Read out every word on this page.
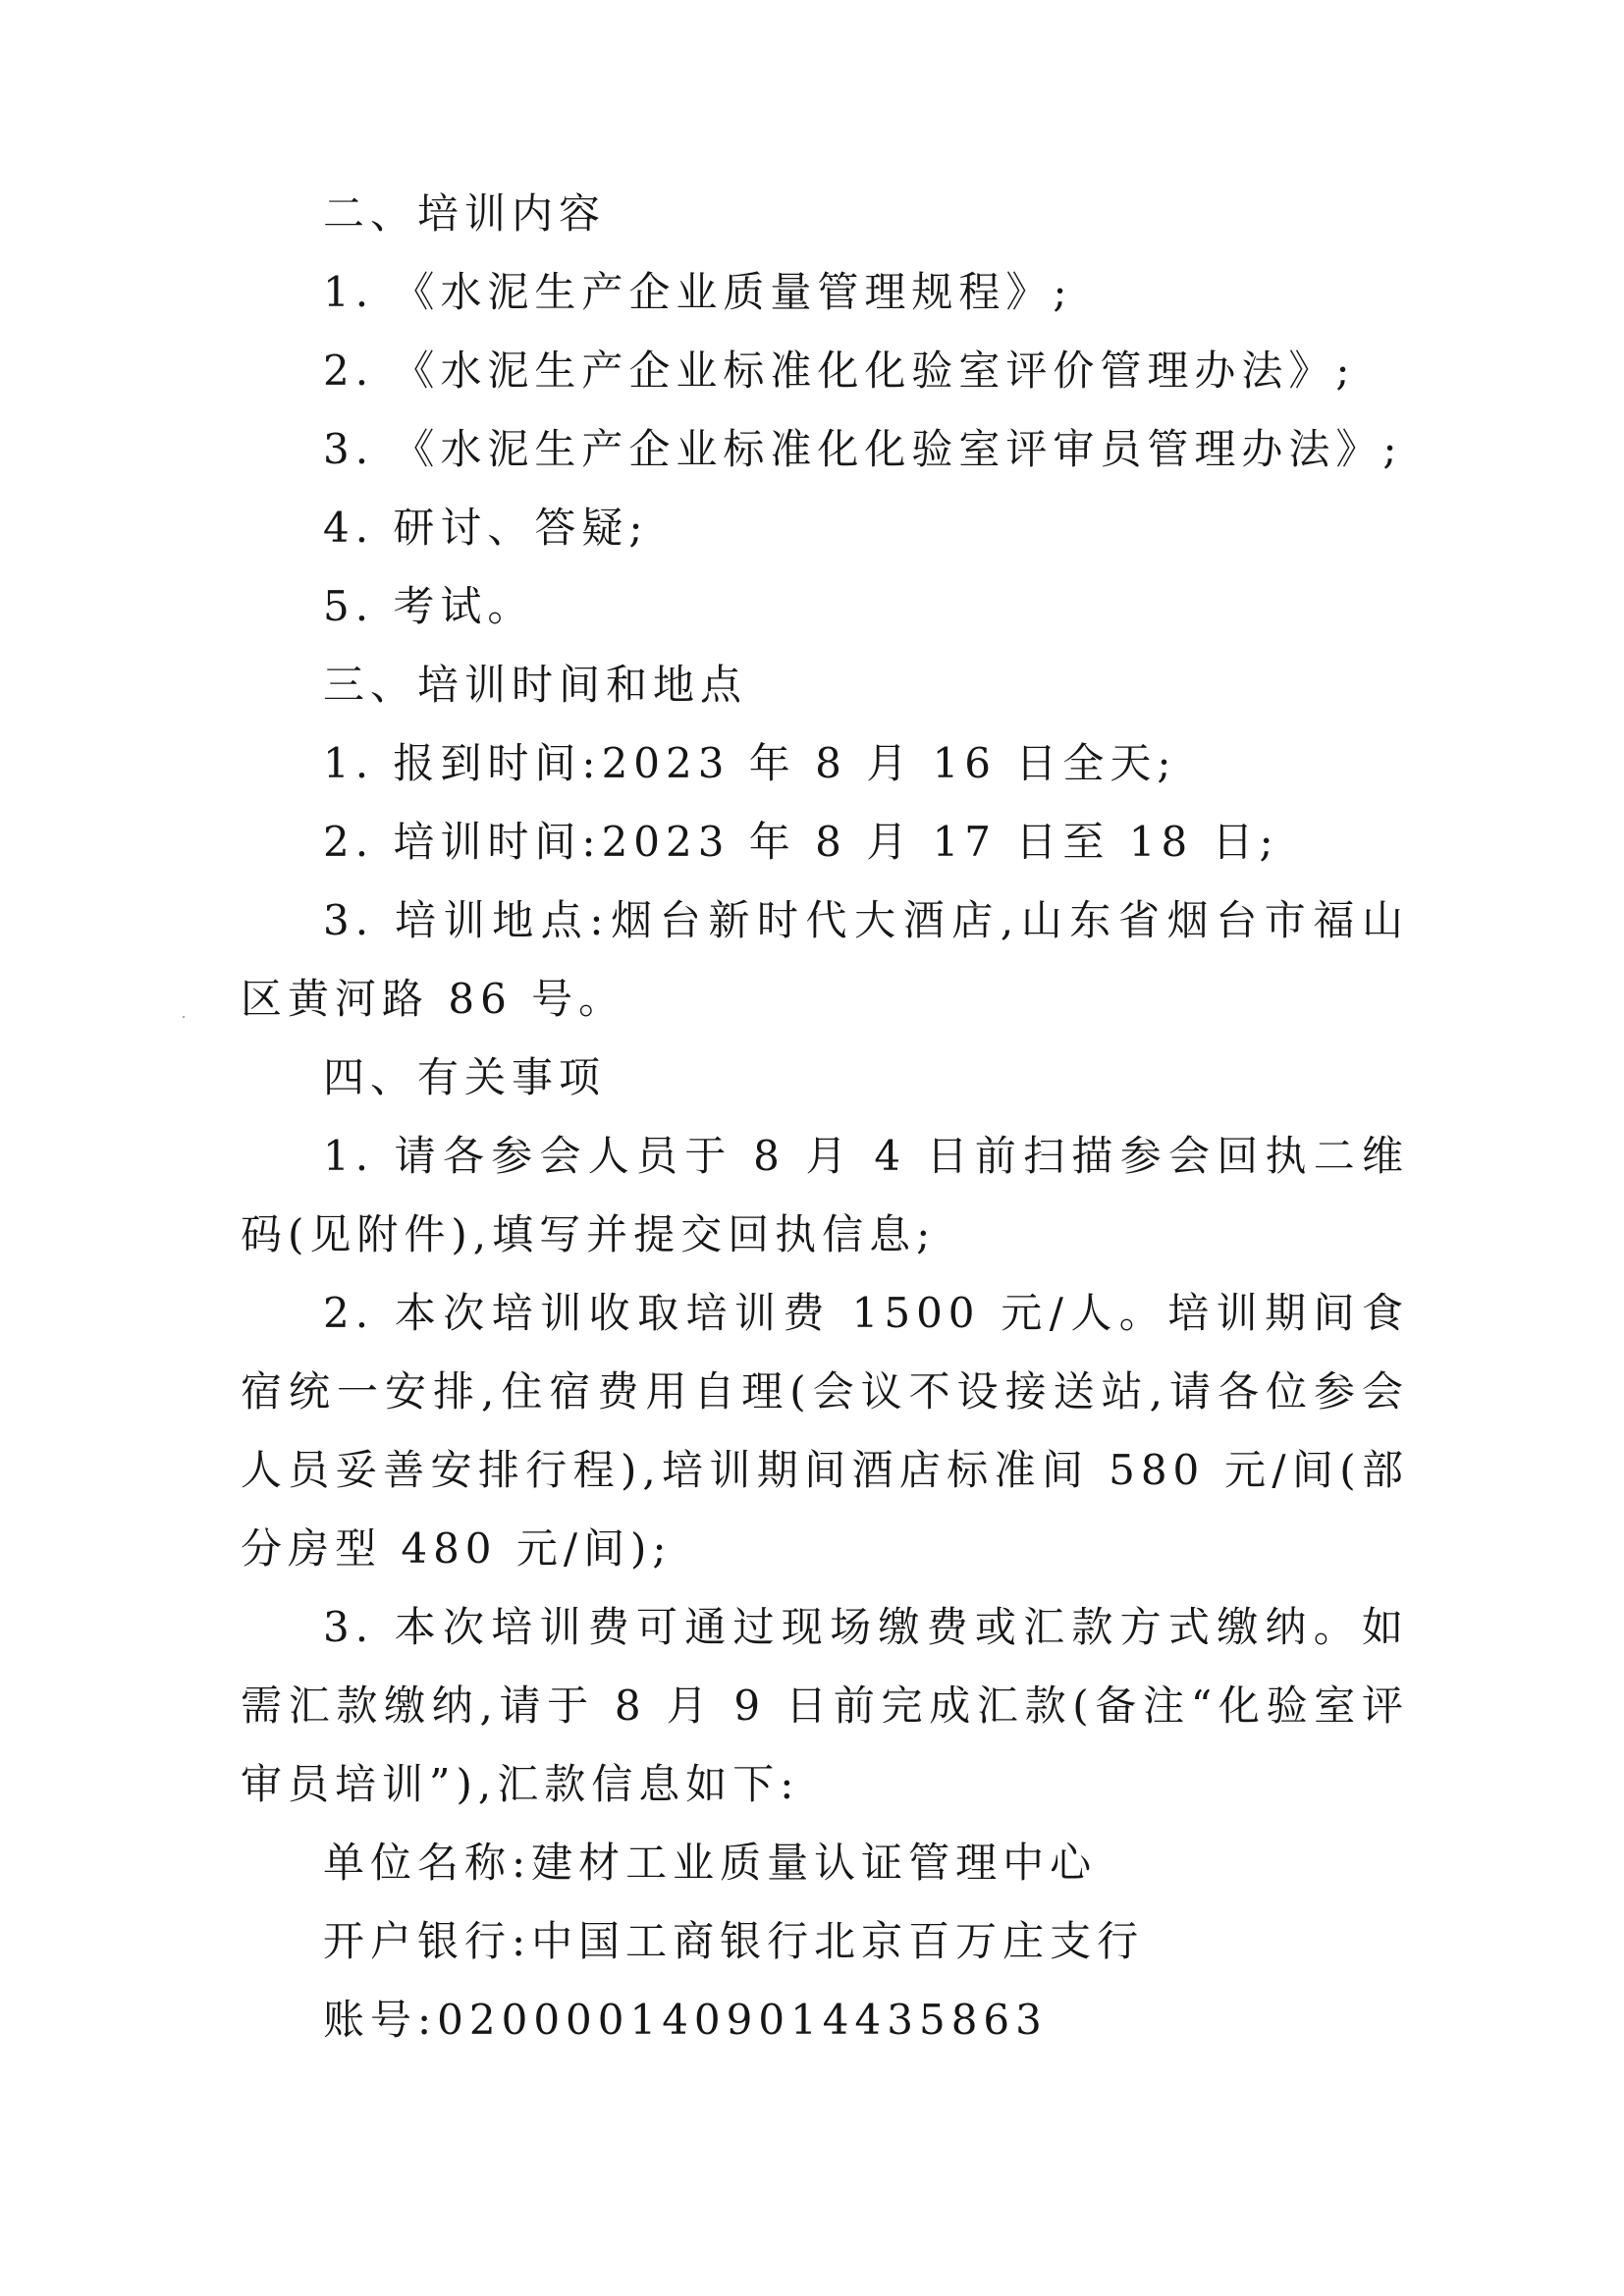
二、培训内容

1. 《水泥生产企业质量管理规程》;

2. 《水泥生产企业标准化化验室评价管理办法》;

3. 《水泥生产企业标准化化验室评审员管理办法》;

4. 研讨、答疑;

5. 考试。

三、培训时间和地点

1. 报到时间:2023 年 8 月 16 日全天;

2. 培训时间:2023 年 8 月 17 日至 18 日;

3. 培训地点:烟台新时代大酒店,山东省烟台市福山区黄河路 86 号。

四、有关事项

1. 请各参会人员于 8 月 4 日前扫描参会回执二维码(见附件),填写并提交回执信息;

2. 本次培训收取培训费 1500 元/人。培训期间食宿统一安排,住宿费用自理(会议不设接送站,请各位参会人员妥善安排行程),培训期间酒店标准间 580 元/间(部分房型 480 元/间);

3. 本次培训费可通过现场缴费或汇款方式缴纳。如需汇款缴纳,请于 8 月 9 日前完成汇款(备注“化验室评审员培训”),汇款信息如下:

单位名称:建材工业质量认证管理中心

开户银行:中国工商银行北京百万庄支行

账号:0200001409014435863
